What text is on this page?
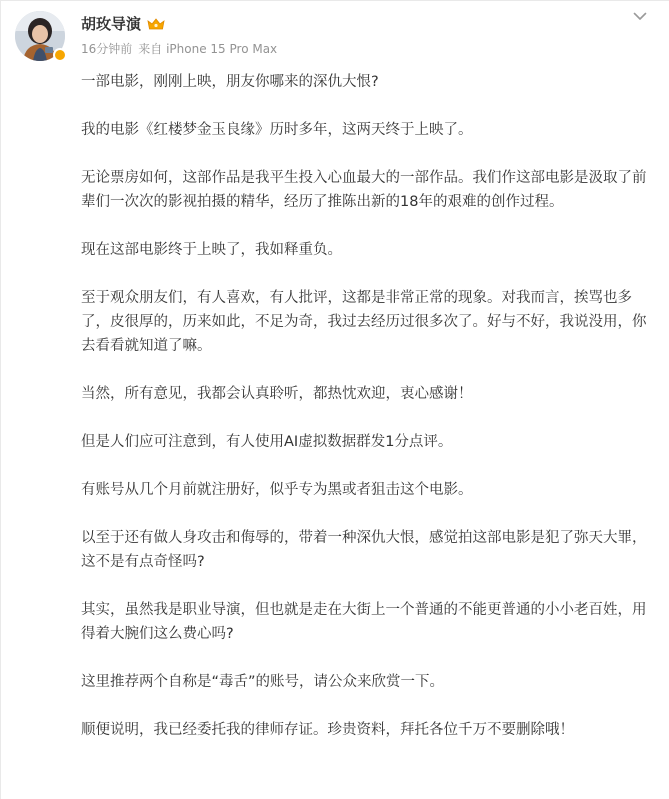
胡玫导演
16分钟前 来自 iPhone 15 Pro Max

一部电影，刚刚上映，朋友你哪来的深仇大恨?

我的电影《红楼梦金玉良缘》历时多年，这两天终于上映了。

无论票房如何，这部作品是我平生投入心血最大的一部作品。我们作这部电影是汲取了前辈们一次次的影视拍摄的精华，经历了推陈出新的18年的艰难的创作过程。

现在这部电影终于上映了，我如释重负。

至于观众朋友们，有人喜欢，有人批评，这都是非常正常的现象。对我而言，挨骂也多了，皮很厚的，历来如此，不足为奇，我过去经历过很多次了。好与不好，我说没用，你去看看就知道了嘛。

当然，所有意见，我都会认真聆听，都热忱欢迎，衷心感谢！

但是人们应可注意到，有人使用AI虚拟数据群发1分点评。

有账号从几个月前就注册好，似乎专为黑或者狙击这个电影。

以至于还有做人身攻击和侮辱的，带着一种深仇大恨，感觉拍这部电影是犯了弥天大罪，这不是有点奇怪吗?

其实，虽然我是职业导演，但也就是走在大街上一个普通的不能更普通的小小老百姓，用得着大腕们这么费心吗?

这里推荐两个自称是“毒舌”的账号，请公众来欣赏一下。

顺便说明，我已经委托我的律师存证。珍贵资料，拜托各位千万不要删除哦！
